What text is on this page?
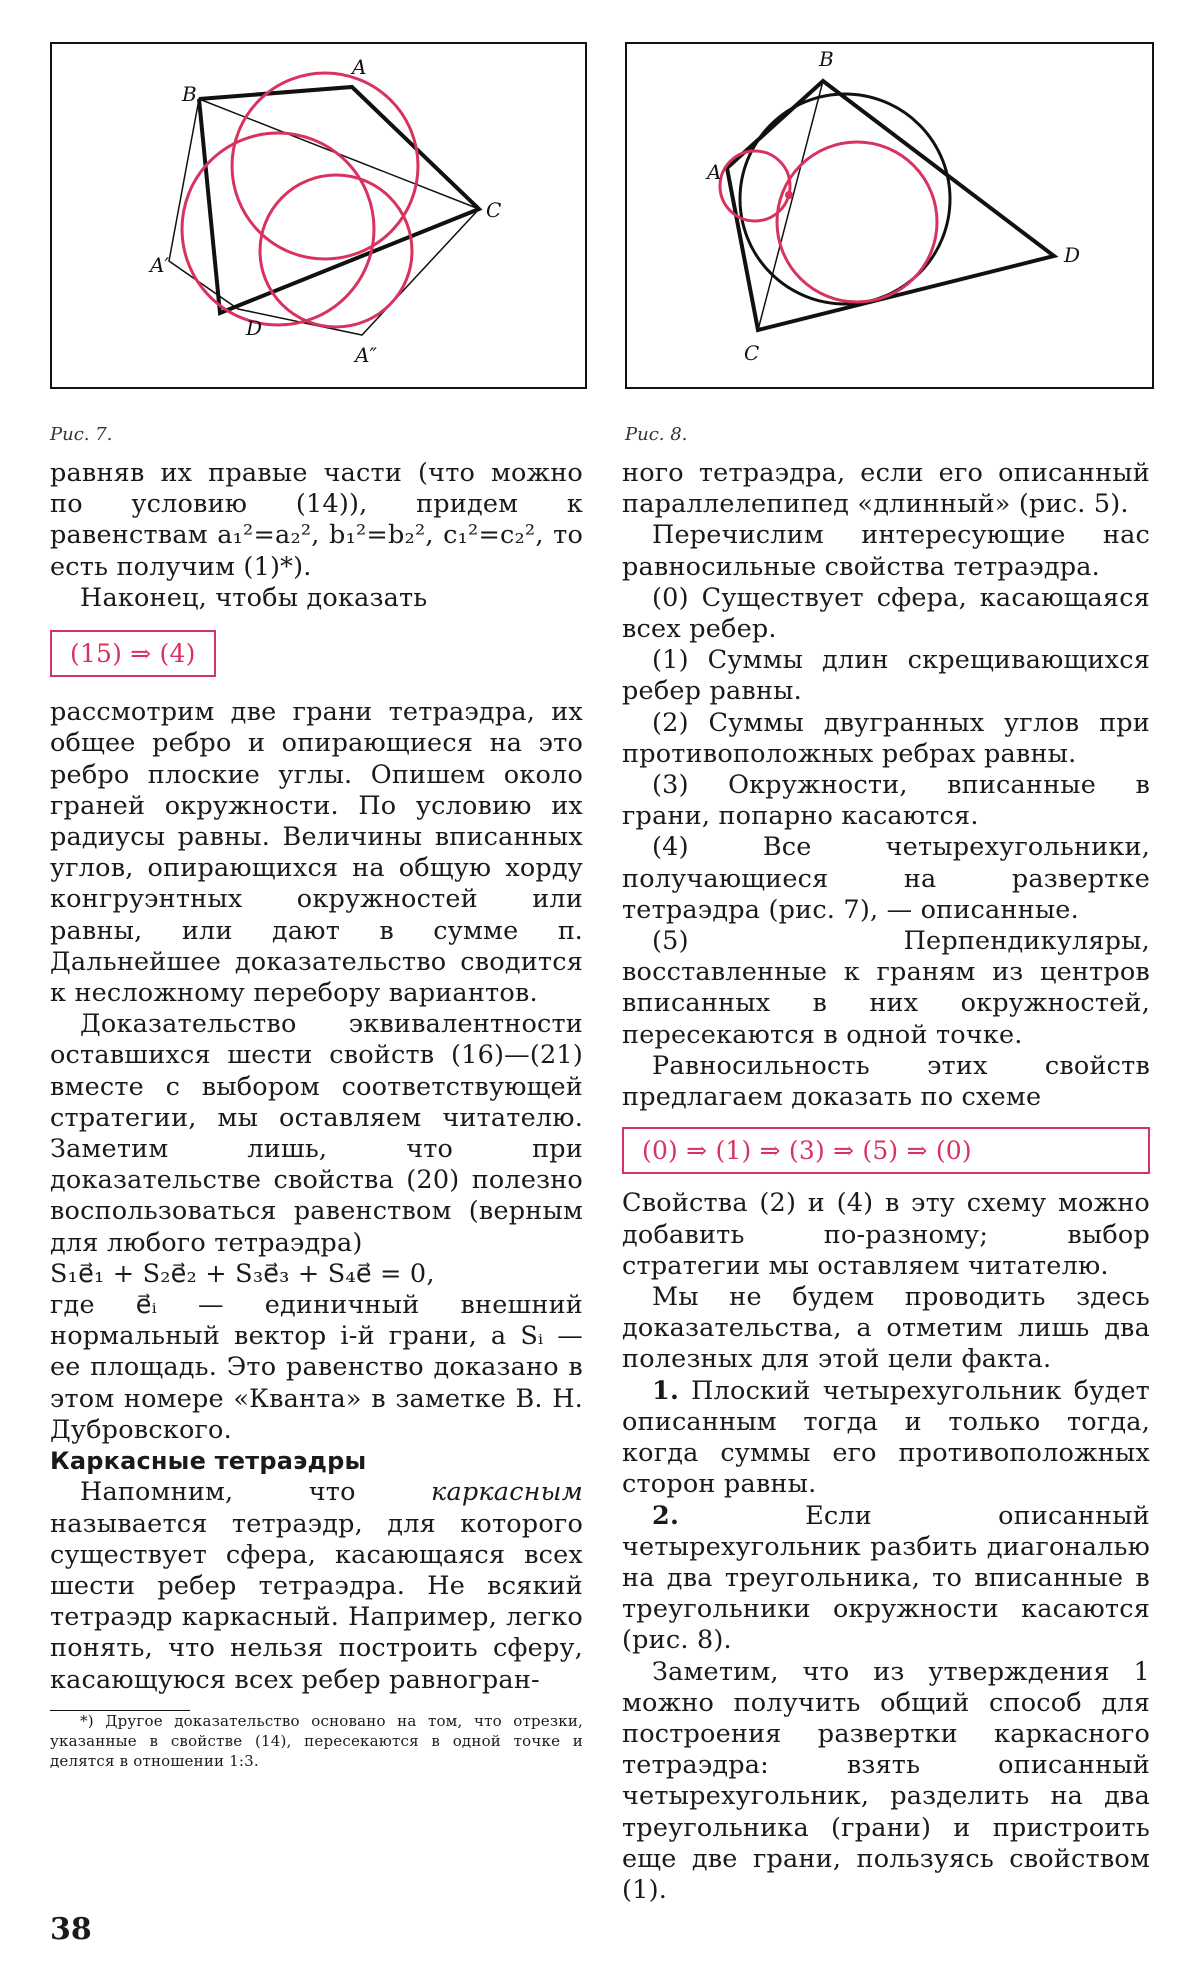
A
B
C
D
A′
A″
B
A
C
D
Рис. 7.	Рис. 8.

равняв их правые части (что можно по условию (14)), придем к равенствам a₁²=a₂², b₁²=b₂², c₁²=c₂², то есть получим (1)*).

Наконец, чтобы доказать

(15) ⇒ (4)

рассмотрим две грани тетраэдра, их общее ребро и опирающиеся на это ребро плоские углы. Опишем около граней окружности. По условию их радиусы равны. Величины вписанных углов, опирающихся на общую хорду конгруэнтных окружностей или равны, или дают в сумме π. Дальнейшее доказательство сводится к несложному перебору вариантов.

Доказательство эквивалентности оставшихся шести свойств (16)—(21) вместе с выбором соответствующей стратегии, мы оставляем читателю. Заметим лишь, что при доказательстве свойства (20) полезно воспользоваться равенством (верным для любого тетраэдра)

S₁e⃗₁ + S₂e⃗₂ + S₃e⃗₃ + S₄e⃗ = 0,

где e⃗ᵢ — единичный внешний нормальный вектор i-й грани, а Sᵢ — ее площадь. Это равенство доказано в этом номере «Кванта» в заметке В. Н. Дубровского.

Каркасные тетраэдры

Напомним, что каркасным называется тетраэдр, для которого существует сфера, касающаяся всех шести ребер тетраэдра. Не всякий тетраэдр каркасный. Например, легко понять, что нельзя построить сферу, касающуюся всех ребер равногран-

*) Другое доказательство основано на том, что отрезки, указанные в свойстве (14), пересекаются в одной точке и делятся в отношении 1:3.

ного тетраэдра, если его описанный параллелепипед «длинный» (рис. 5).

Перечислим интересующие нас равносильные свойства тетраэдра.

(0) Существует сфера, касающаяся всех ребер.

(1) Суммы длин скрещивающихся ребер равны.

(2) Суммы двугранных углов при противоположных ребрах равны.

(3) Окружности, вписанные в грани, попарно касаются.

(4) Все четырехугольники, получающиеся на развертке тетраэдра (рис. 7), — описанные.

(5) Перпендикуляры, восставленные к граням из центров вписанных в них окружностей, пересекаются в одной точке.

Равносильность этих свойств предлагаем доказать по схеме

(0) ⇒ (1) ⇒ (3) ⇒ (5) ⇒ (0)

Свойства (2) и (4) в эту схему можно добавить по-разному; выбор стратегии мы оставляем читателю.

Мы не будем проводить здесь доказательства, а отметим лишь два полезных для этой цели факта.

1. Плоский четырехугольник будет описанным тогда и только тогда, когда суммы его противоположных сторон равны.

2. Если описанный четырехугольник разбить диагональю на два треугольника, то вписанные в треугольники окружности касаются (рис. 8).

Заметим, что из утверждения 1 можно получить общий способ для построения развертки каркасного тетраэдра: взять описанный четырехугольник, разделить на два треугольника (грани) и пристроить еще две грани, пользуясь свойством (1).

38
